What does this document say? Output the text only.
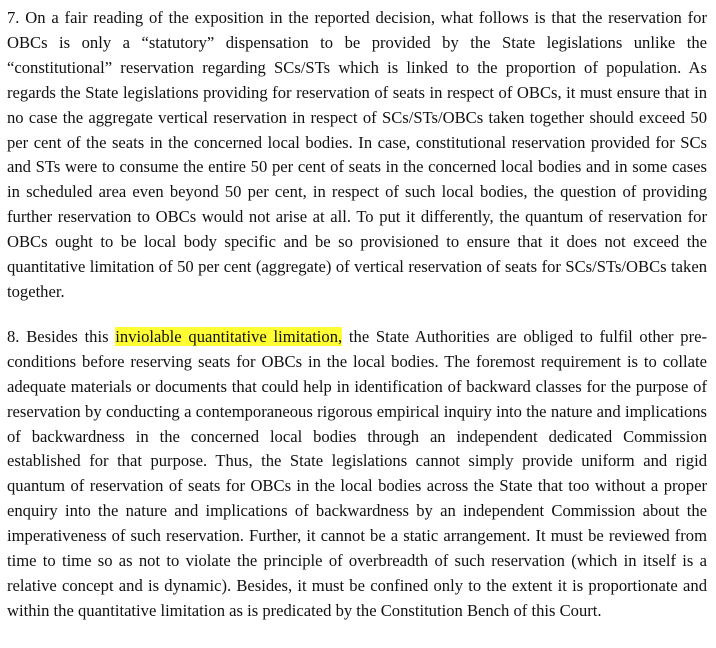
7. On a fair reading of the exposition in the reported decision, what follows is that the reservation for OBCs is only a “statutory” dispensation to be provided by the State legislations unlike the “constitutional” reservation regarding SCs/STs which is linked to the proportion of population. As regards the State legislations providing for reservation of seats in respect of OBCs, it must ensure that in no case the aggregate vertical reservation in respect of SCs/STs/OBCs taken together should exceed 50 per cent of the seats in the concerned local bodies. In case, constitutional reservation provided for SCs and STs were to consume the entire 50 per cent of seats in the concerned local bodies and in some cases in scheduled area even beyond 50 per cent, in respect of such local bodies, the question of providing further reservation to OBCs would not arise at all. To put it differently, the quantum of reservation for OBCs ought to be local body specific and be so provisioned to ensure that it does not exceed the quantitative limitation of 50 per cent (aggregate) of vertical reservation of seats for SCs/STs/OBCs taken together.

8. Besides this inviolable quantitative limitation, the State Authorities are obliged to fulfil other pre-conditions before reserving seats for OBCs in the local bodies. The foremost requirement is to collate adequate materials or documents that could help in identification of backward classes for the purpose of reservation by conducting a contemporaneous rigorous empirical inquiry into the nature and implications of backwardness in the concerned local bodies through an independent dedicated Commission established for that purpose. Thus, the State legislations cannot simply provide uniform and rigid quantum of reservation of seats for OBCs in the local bodies across the State that too without a proper enquiry into the nature and implications of backwardness by an independent Commission about the imperativeness of such reservation. Further, it cannot be a static arrangement. It must be reviewed from time to time so as not to violate the principle of overbreadth of such reservation (which in itself is a relative concept and is dynamic). Besides, it must be confined only to the extent it is proportionate and within the quantitative limitation as is predicated by the Constitution Bench of this Court.
